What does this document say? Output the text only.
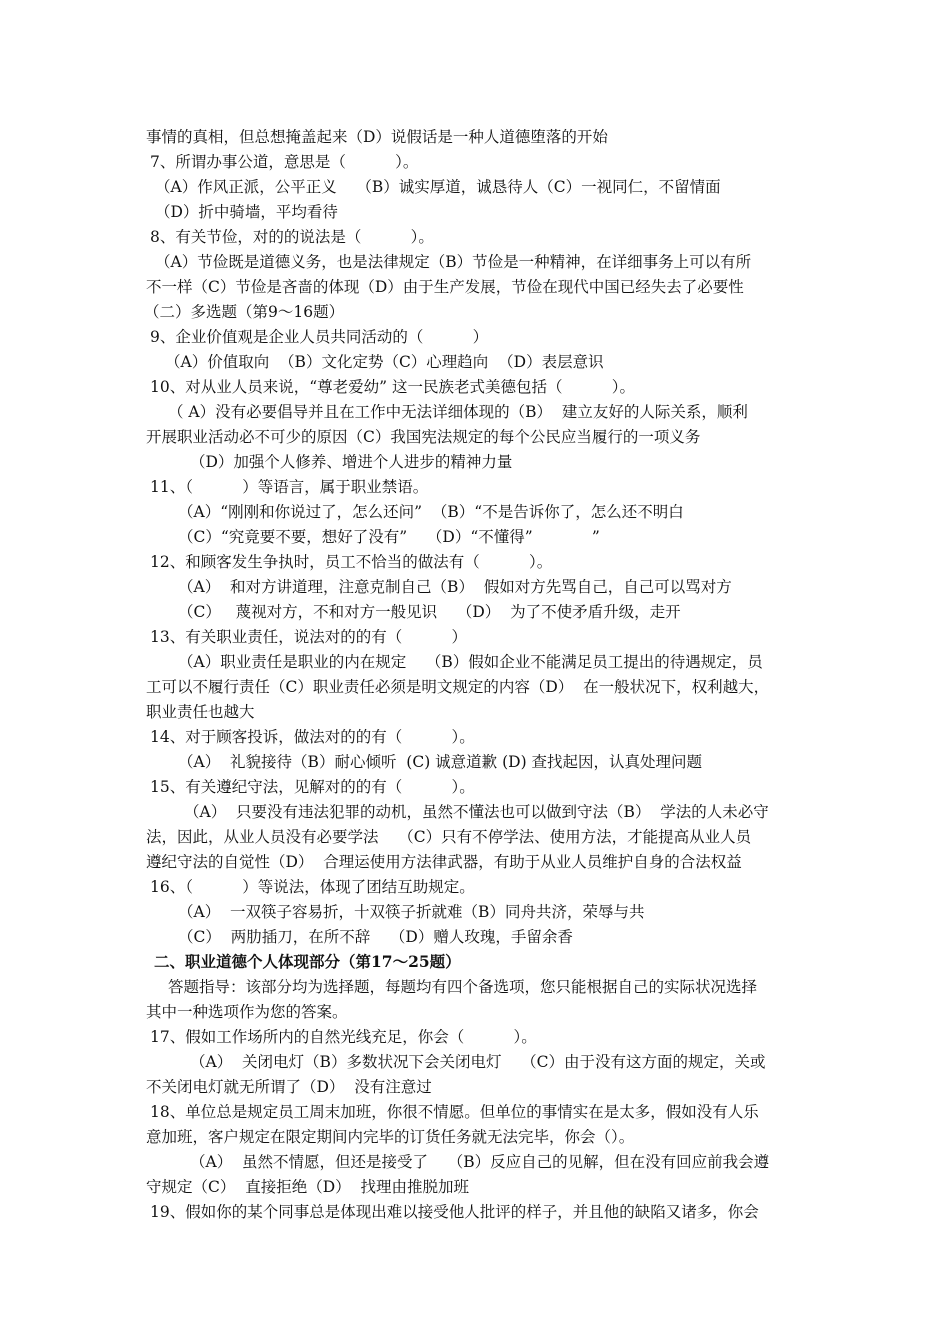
事情的真相，但总想掩盖起来（D）说假话是一种人道德堕落的开始
7、所谓办事公道，意思是（          ）。
（A）作风正派，公平正义    （B）诚实厚道，诚恳待人（C）一视同仁，不留情面
（D）折中骑墙，平均看待
8、有关节俭，对的的说法是（          ）。
（A）节俭既是道德义务，也是法律规定（B）节俭是一种精神，在详细事务上可以有所
不一样（C）节俭是吝啬的体现（D）由于生产发展，节俭在现代中国已经失去了必要性
（二）多选题（第9～16题）
9、企业价值观是企业人员共同活动的（          ）
（A）价值取向  （B）文化定势（C）心理趋向  （D）表层意识
10、对从业人员来说，“尊老爱幼” 这一民族老式美德包括（          ）。
（ A）没有必要倡导并且在工作中无法详细体现的（B）  建立友好的人际关系，顺利
开展职业活动必不可少的原因（C）我国宪法规定的每个公民应当履行的一项义务
（D）加强个人修养、增进个人进步的精神力量
11、（          ）等语言，属于职业禁语。
（A）“刚刚和你说过了，怎么还问”  （B）“不是告诉你了，怎么还不明白
（C）“究竟要不要，想好了没有”    （D）“不懂得”            ”
12、和顾客发生争执时，员工不恰当的做法有（          ）。
（A）  和对方讲道理，注意克制自己（B）  假如对方先骂自己，自己可以骂对方
（C）   蔑视对方，不和对方一般见识    （D）  为了不使矛盾升级，走开
13、有关职业责任，说法对的的有（          ）
（A）职业责任是职业的内在规定    （B）假如企业不能满足员工提出的待遇规定，员
工可以不履行责任（C）职业责任必须是明文规定的内容（D）  在一般状况下，权利越大，
职业责任也越大
14、对于顾客投诉，做法对的的有（          ）。
（A）  礼貌接待（B）耐心倾听  (C) 诚意道歉 (D) 查找起因，认真处理问题
15、有关遵纪守法，见解对的的有（          ）。
（A）  只要没有违法犯罪的动机，虽然不懂法也可以做到守法（B）  学法的人未必守
法，因此，从业人员没有必要学法    （C）只有不停学法、使用方法，才能提高从业人员
遵纪守法的自觉性（D）  合理运使用方法律武器，有助于从业人员维护自身的合法权益
16、（          ）等说法，体现了团结互助规定。
（A）  一双筷子容易折，十双筷子折就难（B）同舟共济，荣辱与共
（C）  两肋插刀，在所不辞    （D）赠人玫瑰，手留余香
二、职业道德个人体现部分（第17～25题）
答题指导：该部分均为选择题，每题均有四个备选项，您只能根据自己的实际状况选择
其中一种选项作为您的答案。
17、假如工作场所内的自然光线充足，你会（          ）。
（A）  关闭电灯（B）多数状况下会关闭电灯    （C）由于没有这方面的规定，关或
不关闭电灯就无所谓了（D）  没有注意过
18、单位总是规定员工周末加班，你很不情愿。但单位的事情实在是太多，假如没有人乐
意加班，客户规定在限定期间内完毕的订货任务就无法完毕，你会（）。
（A）  虽然不情愿，但还是接受了    （B）反应自己的见解，但在没有回应前我会遵
守规定（C）  直接拒绝（D）  找理由推脱加班
19、假如你的某个同事总是体现出难以接受他人批评的样子，并且他的缺陷又诸多，你会
